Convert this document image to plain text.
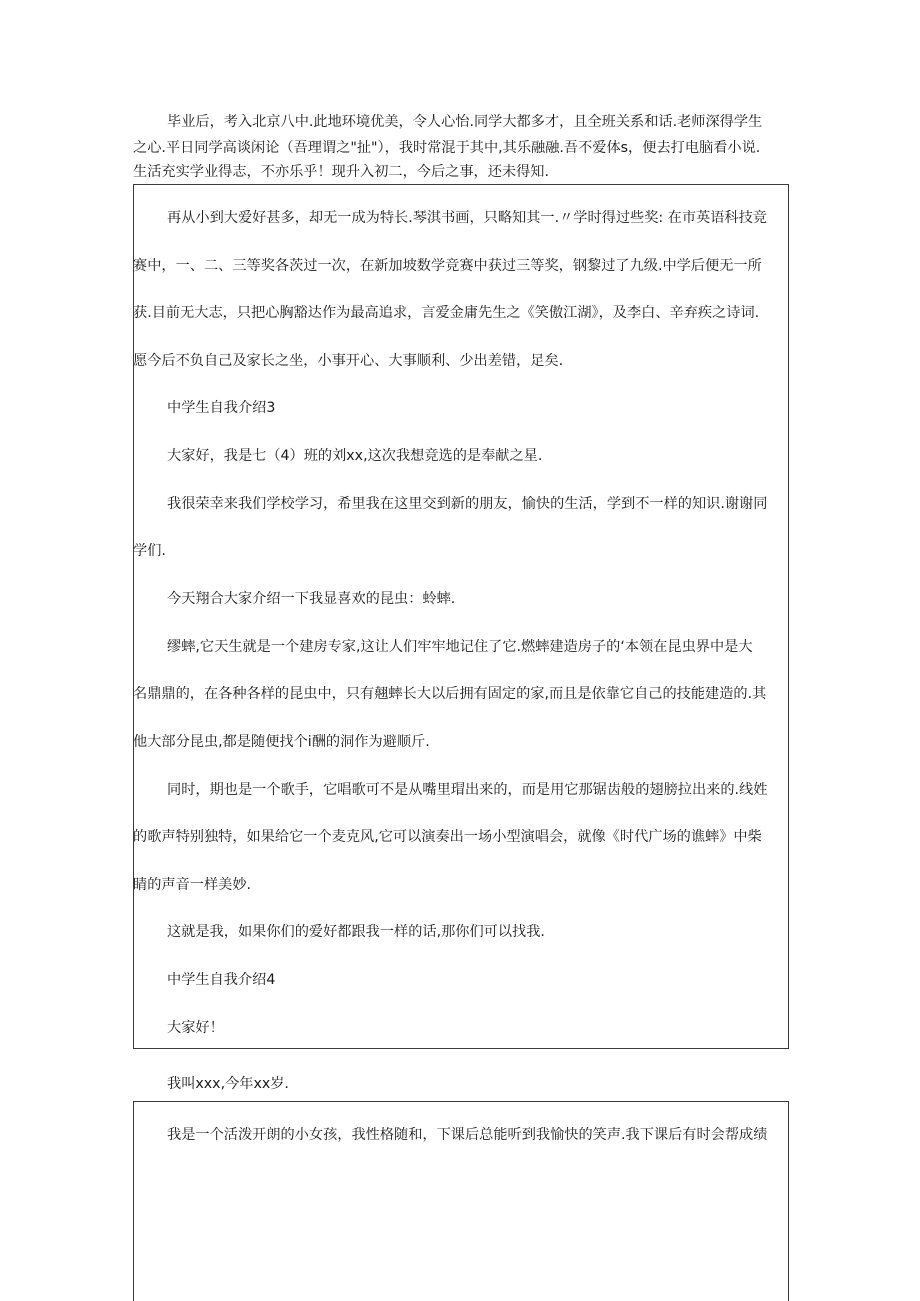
毕业后，考入北京八中.此地环境优美，令人心怡.同学大都多才，且全班关系和话.老师深得学生
之心.平日同学高谈闲论（吾理谓之"扯"），我时常混于其中,其乐融融.吾不爱体s，便去打电脑看小说.
生活充实学业得志，不亦乐乎！现升入初二，今后之事，还未得知.
再从小到大爱好甚多，却无一成为特长.琴淇书画，只略知其一.〃学时得过些奖: 在市英语科技竞
赛中，一、二、三等奖各茨过一次，在新加坡数学竞赛中获过三等奖，钢黎过了九级.中学后便无一所
获.目前无大志，只把心胸豁达作为最高追求，言爱金庸先生之《笑傲江湖》，及李白、辛弃疾之诗词.
愿今后不负自己及家长之坐，小事开心、大事顺利、少出差错，足矣.
中学生自我介绍3
大家好，我是七（4）班的刘xx,这次我想竞选的是奉献之星.
我很荣幸来我们学校学习，希里我在这里交到新的朋友，愉快的生活，学到不一样的知识.谢谢同
学们.
今天翔合大家介绍一下我显喜欢的昆虫：蛉蟀.
缪蟀,它天生就是一个建房专家,这让人们牢牢地记住了它.燃蟀建造房子的‘本领在昆虫界中是大
名鼎鼎的，在各种各样的昆虫中，只有翹蟀长大以后拥有固定的家,而且是依靠它自己的技能建造的.其
他大部分昆虫,都是随便找个i酬的洞作为避顺斤.
同时，期也是一个歌手，它唱歌可不是从嘴里瑁出来的，而是用它那锯齿般的翅膀拉出来的.线姓
的歌声特别独特，如果给它一个麦克风,它可以演奏出一场小型演唱会，就像《时代广场的谯蟀》中柴
睛的声音一样美妙.
这就是我，如果你们的爱好都跟我一样的话,那你们可以找我.
中学生自我介绍4
大家好！
我叫xxx,今年xx岁.
我是一个活泼开朗的小女孩，我性格随和，下课后总能听到我愉快的笑声.我下课后有时会帮成绩
